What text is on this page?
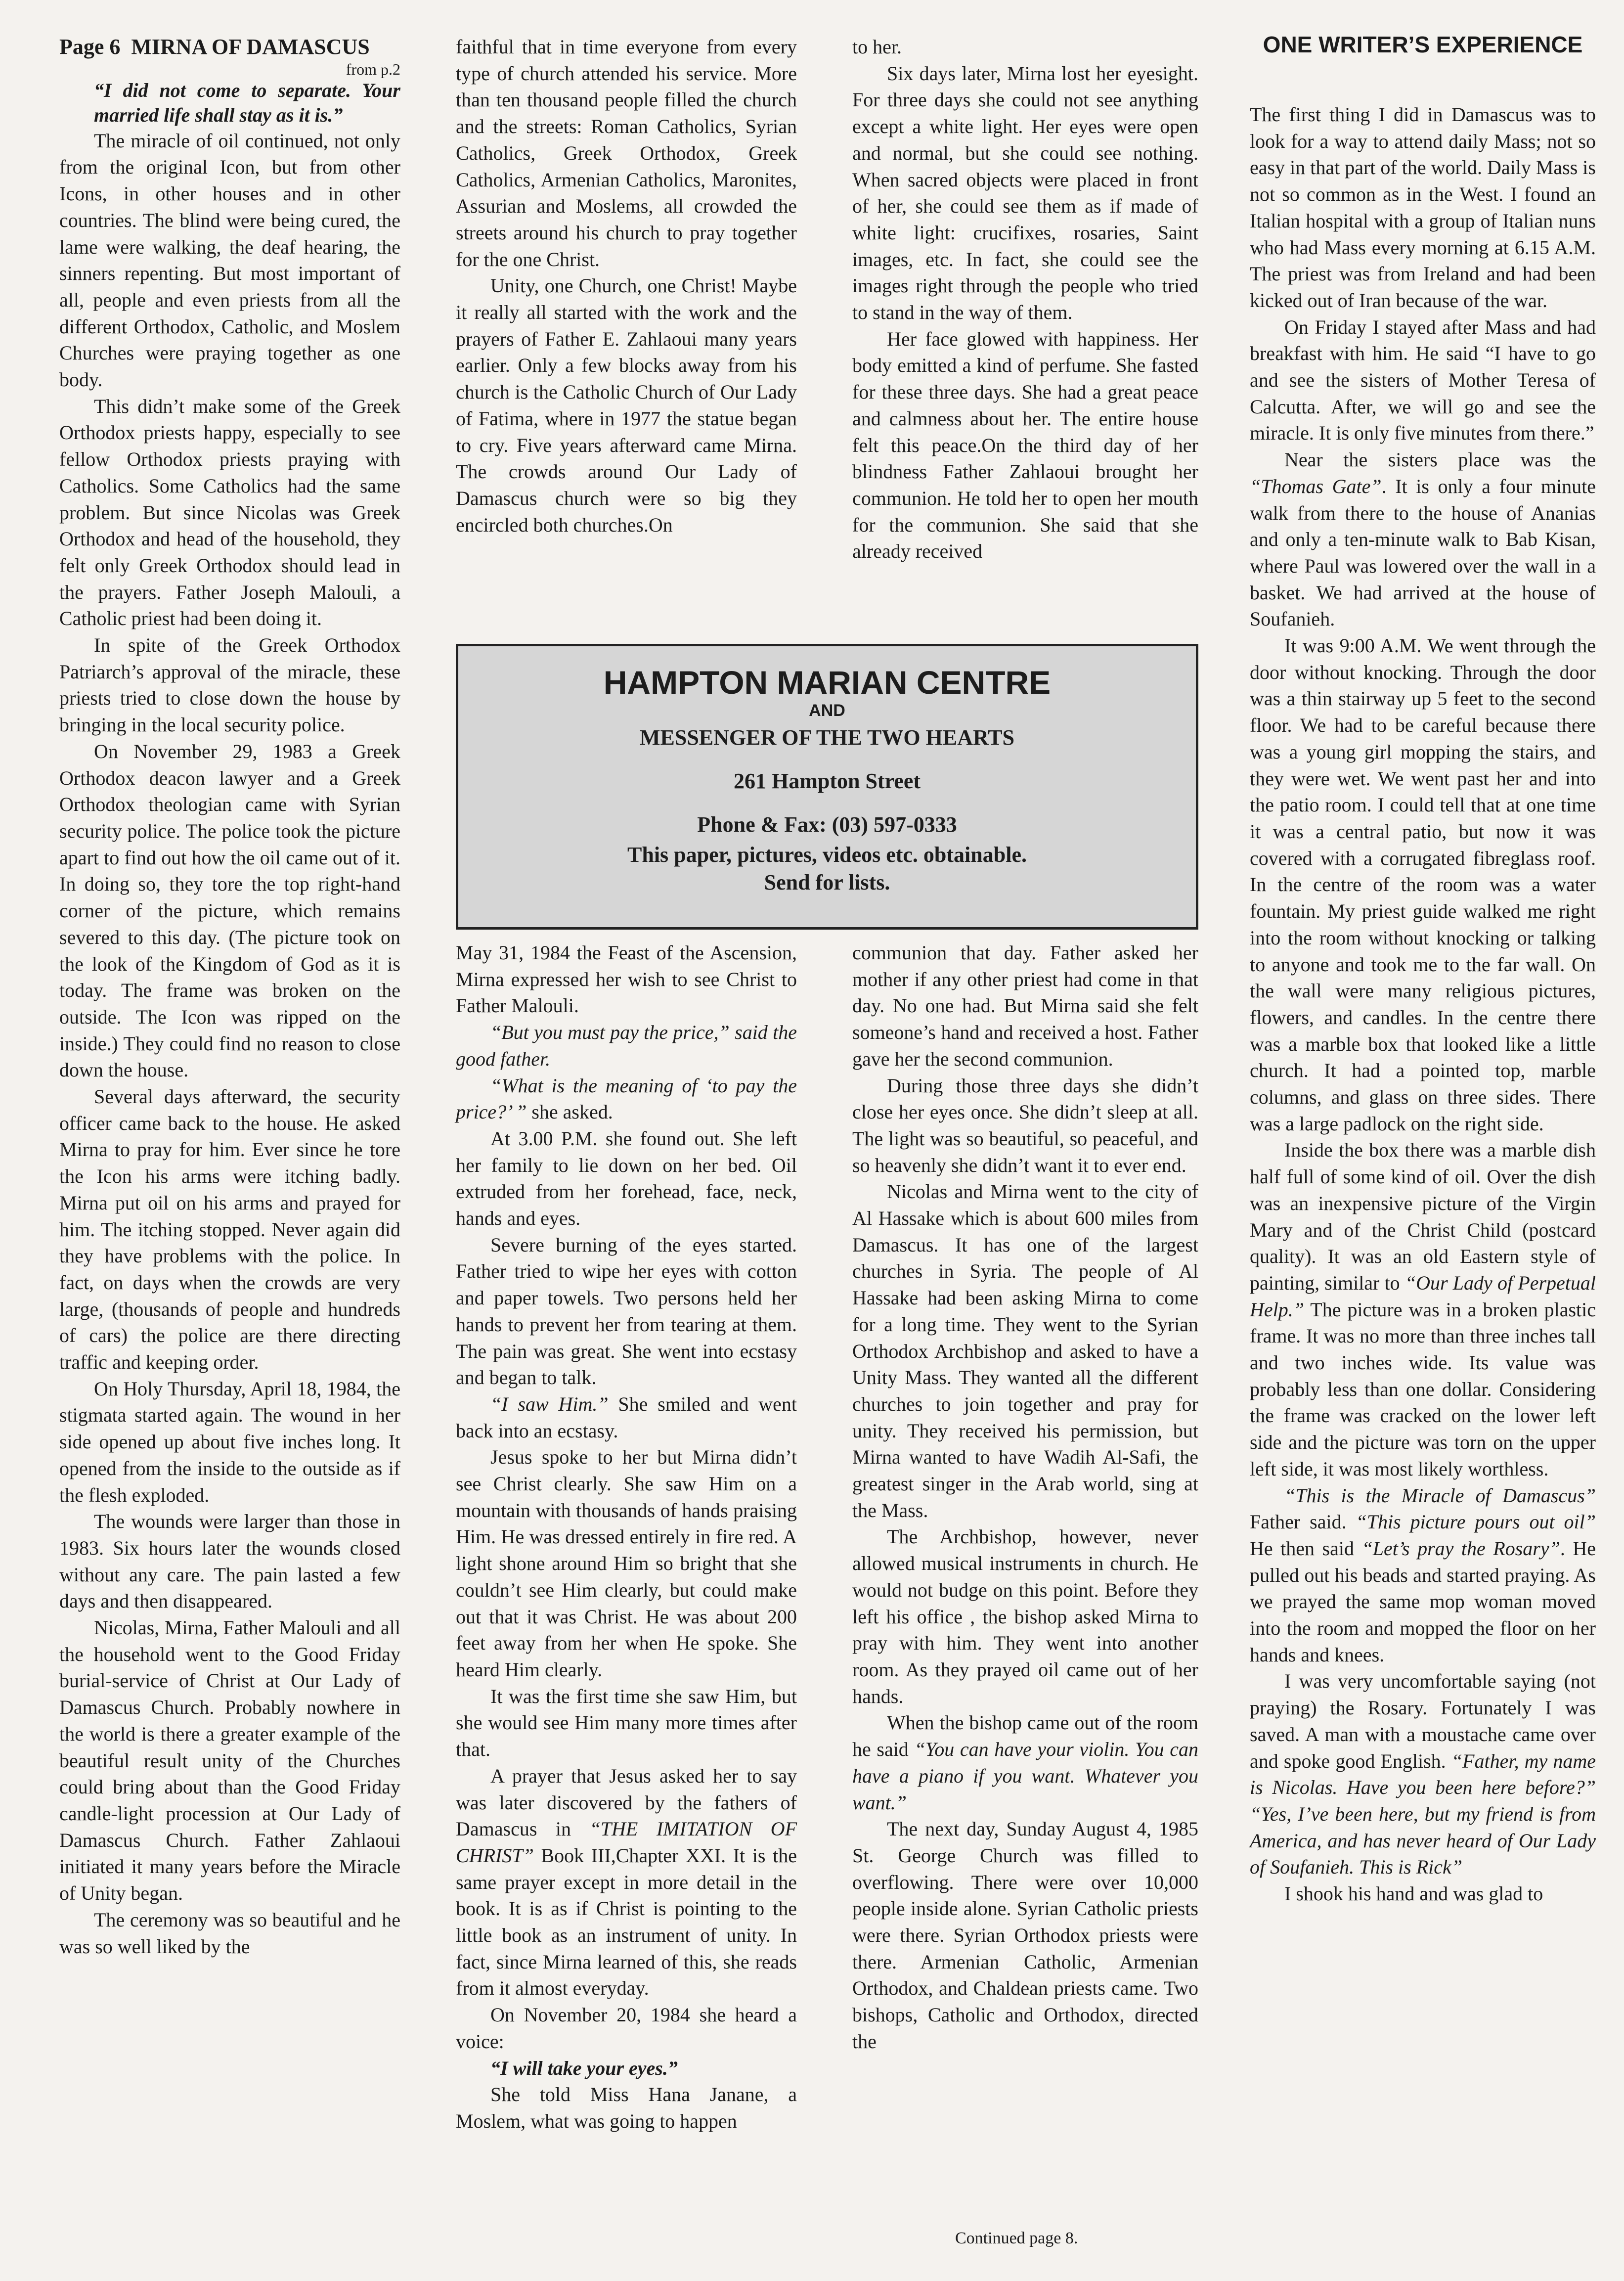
Page 6 MIRNA OF DAMASCUS

from p.2

“I did not come to separate. Your married life shall stay as it is.”

The miracle of oil continued, not only from the original Icon, but from other Icons, in other houses and in other countries. The blind were being cured, the lame were walking, the deaf hearing, the sinners repenting. But most important of all, people and even priests from all the different Orthodox, Catholic, and Moslem Churches were praying together as one body.

This didn’t make some of the Greek Orthodox priests happy, especially to see fellow Orthodox priests praying with Catholics. Some Catholics had the same problem. But since Nicolas was Greek Orthodox and head of the household, they felt only Greek Orthodox should lead in the prayers. Father Joseph Malouli, a Catholic priest had been doing it.

In spite of the Greek Orthodox Patriarch’s approval of the miracle, these priests tried to close down the house by bringing in the local security police.

On November 29, 1983 a Greek Orthodox deacon lawyer and a Greek Orthodox theologian came with Syrian security police. The police took the picture apart to find out how the oil came out of it. In doing so, they tore the top right-hand corner of the picture, which remains severed to this day. (The picture took on the look of the Kingdom of God as it is today. The frame was broken on the outside. The Icon was ripped on the inside.) They could find no reason to close down the house.

Several days afterward, the security officer came back to the house. He asked Mirna to pray for him. Ever since he tore the Icon his arms were itching badly. Mirna put oil on his arms and prayed for him. The itching stopped. Never again did they have problems with the police. In fact, on days when the crowds are very large, (thousands of people and hundreds of cars) the police are there directing traffic and keeping order.

On Holy Thursday, April 18, 1984, the stigmata started again. The wound in her side opened up about five inches long. It opened from the inside to the outside as if the flesh exploded.

The wounds were larger than those in 1983. Six hours later the wounds closed without any care. The pain lasted a few days and then disappeared.

Nicolas, Mirna, Father Malouli and all the household went to the Good Friday burial-service of Christ at Our Lady of Damascus Church. Probably nowhere in the world is there a greater example of the beautiful result unity of the Churches could bring about than the Good Friday candle-light procession at Our Lady of Damascus Church. Father Zahlaoui initiated it many years before the Miracle of Unity began.

The ceremony was so beautiful and he was so well liked by the

faithful that in time everyone from every type of church attended his service. More than ten thousand people filled the church and the streets: Roman Catholics, Syrian Catholics, Greek Orthodox, Greek Catholics, Armenian Catholics, Maronites, Assurian and Moslems, all crowded the streets around his church to pray together for the one Christ.

Unity, one Church, one Christ! Maybe it really all started with the work and the prayers of Father E. Zahlaoui many years earlier. Only a few blocks away from his church is the Catholic Church of Our Lady of Fatima, where in 1977 the statue began to cry. Five years afterward came Mirna. The crowds around Our Lady of Damascus church were so big they encircled both churches.On

to her.

Six days later, Mirna lost her eyesight. For three days she could not see anything except a white light. Her eyes were open and normal, but she could see nothing. When sacred objects were placed in front of her, she could see them as if made of white light: crucifixes, rosaries, Saint images, etc. In fact, she could see the images right through the people who tried to stand in the way of them.

Her face glowed with happiness. Her body emitted a kind of perfume. She fasted for these three days. She had a great peace and calmness about her. The entire house felt this peace.On the third day of her blindness Father Zahlaoui brought her communion. He told her to open her mouth for the communion. She said that she already received

HAMPTON MARIAN CENTRE
AND
MESSENGER OF THE TWO HEARTS
261 Hampton Street
Phone & Fax: (03) 597-0333
This paper, pictures, videos etc. obtainable.
Send for lists.

May 31, 1984 the Feast of the Ascension, Mirna expressed her wish to see Christ to Father Malouli.

“But you must pay the price,” said the good father.

“What is the meaning of ‘to pay the price?’ ” she asked.

At 3.00 P.M. she found out. She left her family to lie down on her bed. Oil extruded from her forehead, face, neck, hands and eyes.

Severe burning of the eyes started. Father tried to wipe her eyes with cotton and paper towels. Two persons held her hands to prevent her from tearing at them. The pain was great. She went into ecstasy and began to talk.

“I saw Him.” She smiled and went back into an ecstasy.

Jesus spoke to her but Mirna didn’t see Christ clearly. She saw Him on a mountain with thousands of hands praising Him. He was dressed entirely in fire red. A light shone around Him so bright that she couldn’t see Him clearly, but could make out that it was Christ. He was about 200 feet away from her when He spoke. She heard Him clearly.

It was the first time she saw Him, but she would see Him many more times after that.

A prayer that Jesus asked her to say was later discovered by the fathers of Damascus in “THE IMITATION OF CHRIST” Book III,Chapter XXI. It is the same prayer except in more detail in the book. It is as if Christ is pointing to the little book as an instrument of unity. In fact, since Mirna learned of this, she reads from it almost everyday.

On November 20, 1984 she heard a voice:

“I will take your eyes.”

She told Miss Hana Janane, a Moslem, what was going to happen

communion that day. Father asked her mother if any other priest had come in that day. No one had. But Mirna said she felt someone’s hand and received a host. Father gave her the second communion.

During those three days she didn’t close her eyes once. She didn’t sleep at all. The light was so beautiful, so peaceful, and so heavenly she didn’t want it to ever end.

Nicolas and Mirna went to the city of Al Hassake which is about 600 miles from Damascus. It has one of the largest churches in Syria. The people of Al Hassake had been asking Mirna to come for a long time. They went to the Syrian Orthodox Archbishop and asked to have a Unity Mass. They wanted all the different churches to join together and pray for unity. They received his permission, but Mirna wanted to have Wadih Al-Safi, the greatest singer in the Arab world, sing at the Mass.

The Archbishop, however, never allowed musical instruments in church. He would not budge on this point. Before they left his office , the bishop asked Mirna to pray with him. They went into another room. As they prayed oil came out of her hands.

When the bishop came out of the room he said “You can have your violin. You can have a piano if you want. Whatever you want.”

The next day, Sunday August 4, 1985 St. George Church was filled to overflowing. There were over 10,000 people inside alone. Syrian Catholic priests were there. Syrian Orthodox priests were there. Armenian Catholic, Armenian Orthodox, and Chaldean priests came. Two bishops, Catholic and Orthodox, directed the

Continued page 8.
ONE WRITER’S EXPERIENCE

The first thing I did in Damascus was to look for a way to attend daily Mass; not so easy in that part of the world. Daily Mass is not so common as in the West. I found an Italian hospital with a group of Italian nuns who had Mass every morning at 6.15 A.M. The priest was from Ireland and had been kicked out of Iran because of the war.

On Friday I stayed after Mass and had breakfast with him. He said “I have to go and see the sisters of Mother Teresa of Calcutta. After, we will go and see the miracle. It is only five minutes from there.”

Near the sisters place was the “Thomas Gate”. It is only a four minute walk from there to the house of Ananias and only a ten-minute walk to Bab Kisan, where Paul was lowered over the wall in a basket. We had arrived at the house of Soufanieh.

It was 9:00 A.M. We went through the door without knocking. Through the door was a thin stairway up 5 feet to the second floor. We had to be careful because there was a young girl mopping the stairs, and they were wet. We went past her and into the patio room. I could tell that at one time it was a central patio, but now it was covered with a corrugated fibreglass roof. In the centre of the room was a water fountain. My priest guide walked me right into the room without knocking or talking to anyone and took me to the far wall. On the wall were many religious pictures, flowers, and candles. In the centre there was a marble box that looked like a little church. It had a pointed top, marble columns, and glass on three sides. There was a large padlock on the right side.

Inside the box there was a marble dish half full of some kind of oil. Over the dish was an inexpensive picture of the Virgin Mary and of the Christ Child (postcard quality). It was an old Eastern style of painting, similar to “Our Lady of Perpetual Help.” The picture was in a broken plastic frame. It was no more than three inches tall and two inches wide. Its value was probably less than one dollar. Considering the frame was cracked on the lower left side and the picture was torn on the upper left side, it was most likely worthless.

“This is the Miracle of Damascus” Father said. “This picture pours out oil” He then said “Let’s pray the Rosary”. He pulled out his beads and started praying. As we prayed the same mop woman moved into the room and mopped the floor on her hands and knees.

I was very uncomfortable saying (not praying) the Rosary. Fortunately I was saved. A man with a moustache came over and spoke good English. “Father, my name is Nicolas. Have you been here before?” “Yes, I’ve been here, but my friend is from America, and has never heard of Our Lady of Soufanieh. This is Rick”

I shook his hand and was glad to
